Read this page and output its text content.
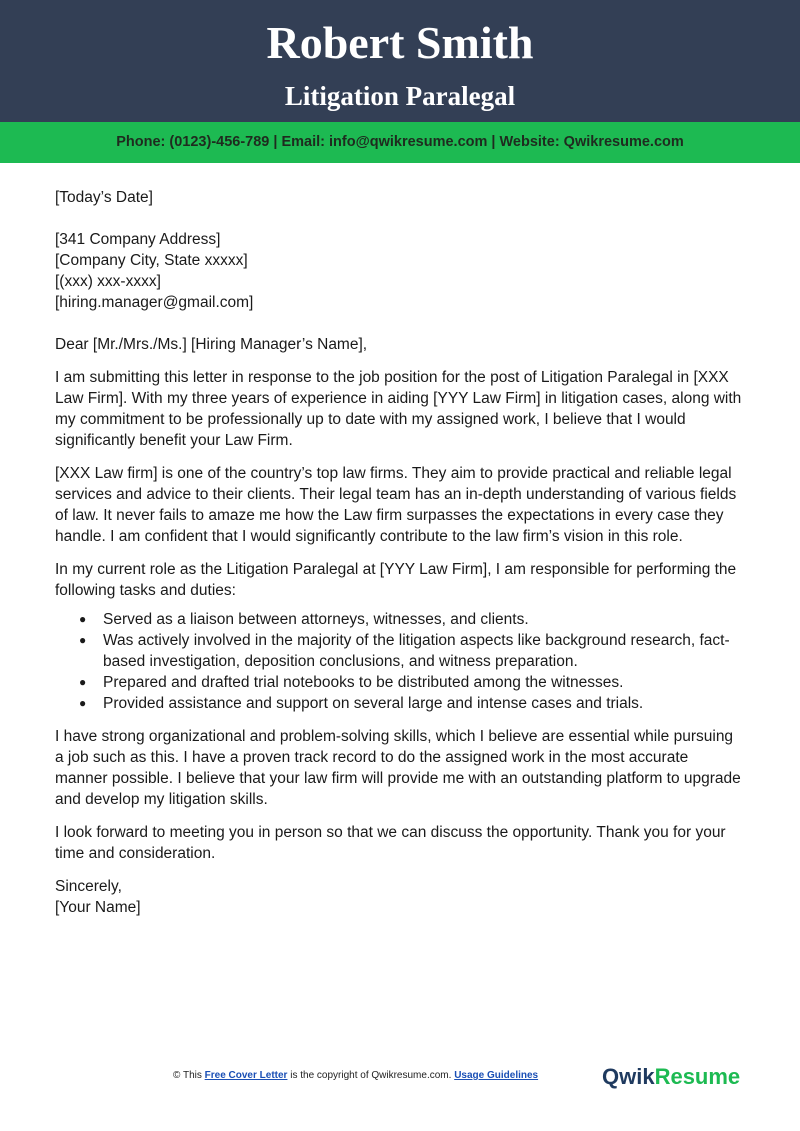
Robert Smith
Litigation Paralegal
Phone: (0123)-456-789 | Email: info@qwikresume.com | Website: Qwikresume.com

[Today’s Date]

[341 Company Address]
[Company City, State xxxxx]
[(xxx) xxx-xxxx]
[hiring.manager@gmail.com]

Dear [Mr./Mrs./Ms.] [Hiring Manager’s Name],

I am submitting this letter in response to the job position for the post of Litigation Paralegal in [XXX Law Firm]. With my three years of experience in aiding [YYY Law Firm] in litigation cases, along with my commitment to be professionally up to date with my assigned work, I believe that I would significantly benefit your Law Firm.

[XXX Law firm] is one of the country’s top law firms. They aim to provide practical and reliable legal services and advice to their clients. Their legal team has an in-depth understanding of various fields of law. It never fails to amaze me how the Law firm surpasses the expectations in every case they handle. I am confident that I would significantly contribute to the law firm’s vision in this role.

In my current role as the Litigation Paralegal at [YYY Law Firm], I am responsible for performing the following tasks and duties:

● Served as a liaison between attorneys, witnesses, and clients.
● Was actively involved in the majority of the litigation aspects like background research, fact-based investigation, deposition conclusions, and witness preparation.
● Prepared and drafted trial notebooks to be distributed among the witnesses.
● Provided assistance and support on several large and intense cases and trials.

I have strong organizational and problem-solving skills, which I believe are essential while pursuing a job such as this. I have a proven track record to do the assigned work in the most accurate manner possible. I believe that your law firm will provide me with an outstanding platform to upgrade and develop my litigation skills.

I look forward to meeting you in person so that we can discuss the opportunity. Thank you for your time and consideration.

Sincerely,
[Your Name]
© This Free Cover Letter is the copyright of Qwikresume.com. Usage Guidelines	QwikResume
